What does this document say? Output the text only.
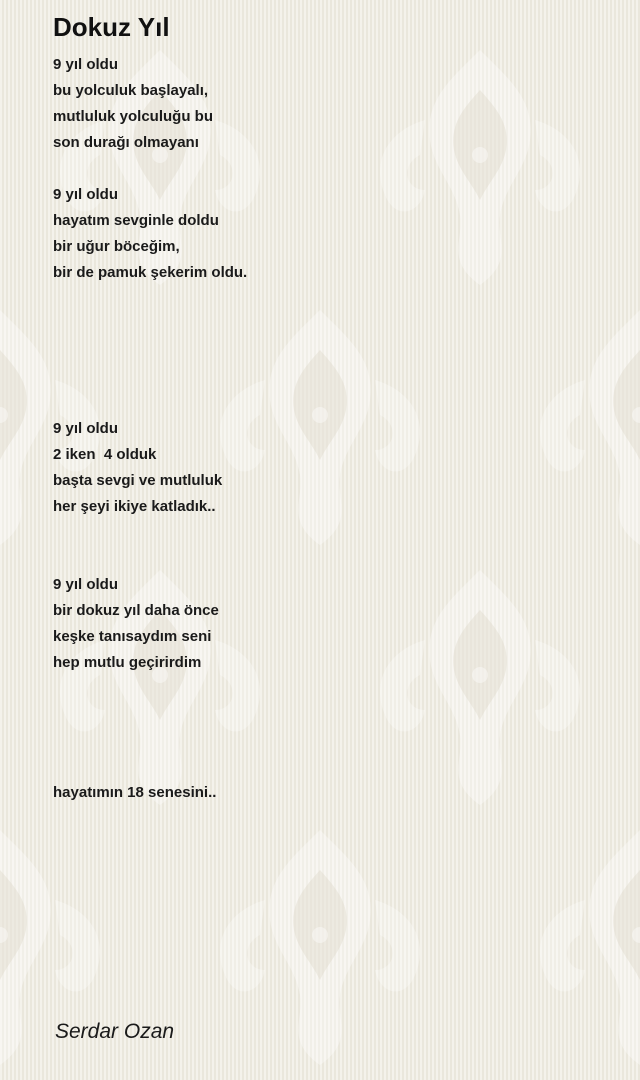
Dokuz Yıl
9 yıl oldu
bu yolculuk başlayalı,
mutluluk yolculuğu bu
son durağı olmayanı
9 yıl oldu
hayatım sevginle doldu
bir uğur böceğim,
bir de pamuk şekerim oldu.
9 yıl oldu
2 iken  4 olduk
başta sevgi ve mutluluk
her şeyi ikiye katladık..
9 yıl oldu
bir dokuz yıl daha önce
keşke tanısaydım seni
hep mutlu geçirirdim
hayatımın 18 senesini..
Serdar Ozan
